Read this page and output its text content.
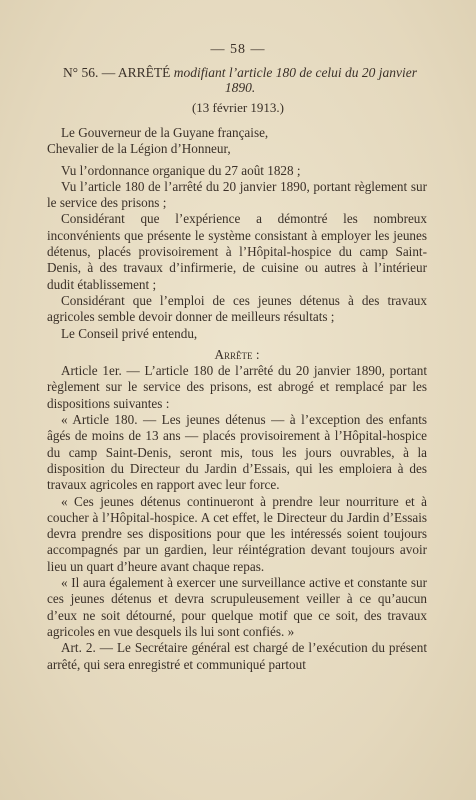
— 58 —
N° 56. — ARRÊTÉ modifiant l’article 180 de celui du 20 janvier 1890.
(13 février 1913.)

Le Gouverneur de la Guyane française,

Chevalier de la Légion d’Honneur,

Vu l’ordonnance organique du 27 août 1828 ;

Vu l’article 180 de l’arrêté du 20 janvier 1890, portant règlement sur le service des prisons ;

Considérant que l’expérience a démontré les nombreux inconvénients que présente le système consistant à employer les jeunes détenus, placés provisoirement à l’Hôpital-hospice du camp Saint-Denis, à des travaux d’infirmerie, de cuisine ou autres à l’intérieur dudit établissement ;

Considérant que l’emploi de ces jeunes détenus à des travaux agricoles semble devoir donner de meilleurs résultats ;

Le Conseil privé entendu,

Arrête :

Article 1er. — L’article 180 de l’arrêté du 20 janvier 1890, portant règlement sur le service des prisons, est abrogé et remplacé par les dispositions suivantes :

« Article 180. — Les jeunes détenus — à l’exception des enfants âgés de moins de 13 ans — placés provisoirement à l’Hôpital-hospice du camp Saint-Denis, seront mis, tous les jours ouvrables, à la disposition du Directeur du Jardin d’Essais, qui les emploiera à des travaux agricoles en rapport avec leur force.

« Ces jeunes détenus continueront à prendre leur nourriture et à coucher à l’Hôpital-hospice. A cet effet, le Directeur du Jardin d’Essais devra prendre ses dispositions pour que les intéressés soient toujours accompagnés par un gardien, leur réintégration devant toujours avoir lieu un quart d’heure avant chaque repas.

« Il aura également à exercer une surveillance active et constante sur ces jeunes détenus et devra scrupuleusement veiller à ce qu’aucun d’eux ne soit détourné, pour quelque motif que ce soit, des travaux agricoles en vue desquels ils lui sont confiés. »

Art. 2. — Le Secrétaire général est chargé de l’exécution du présent arrêté, qui sera enregistré et communiqué partout
